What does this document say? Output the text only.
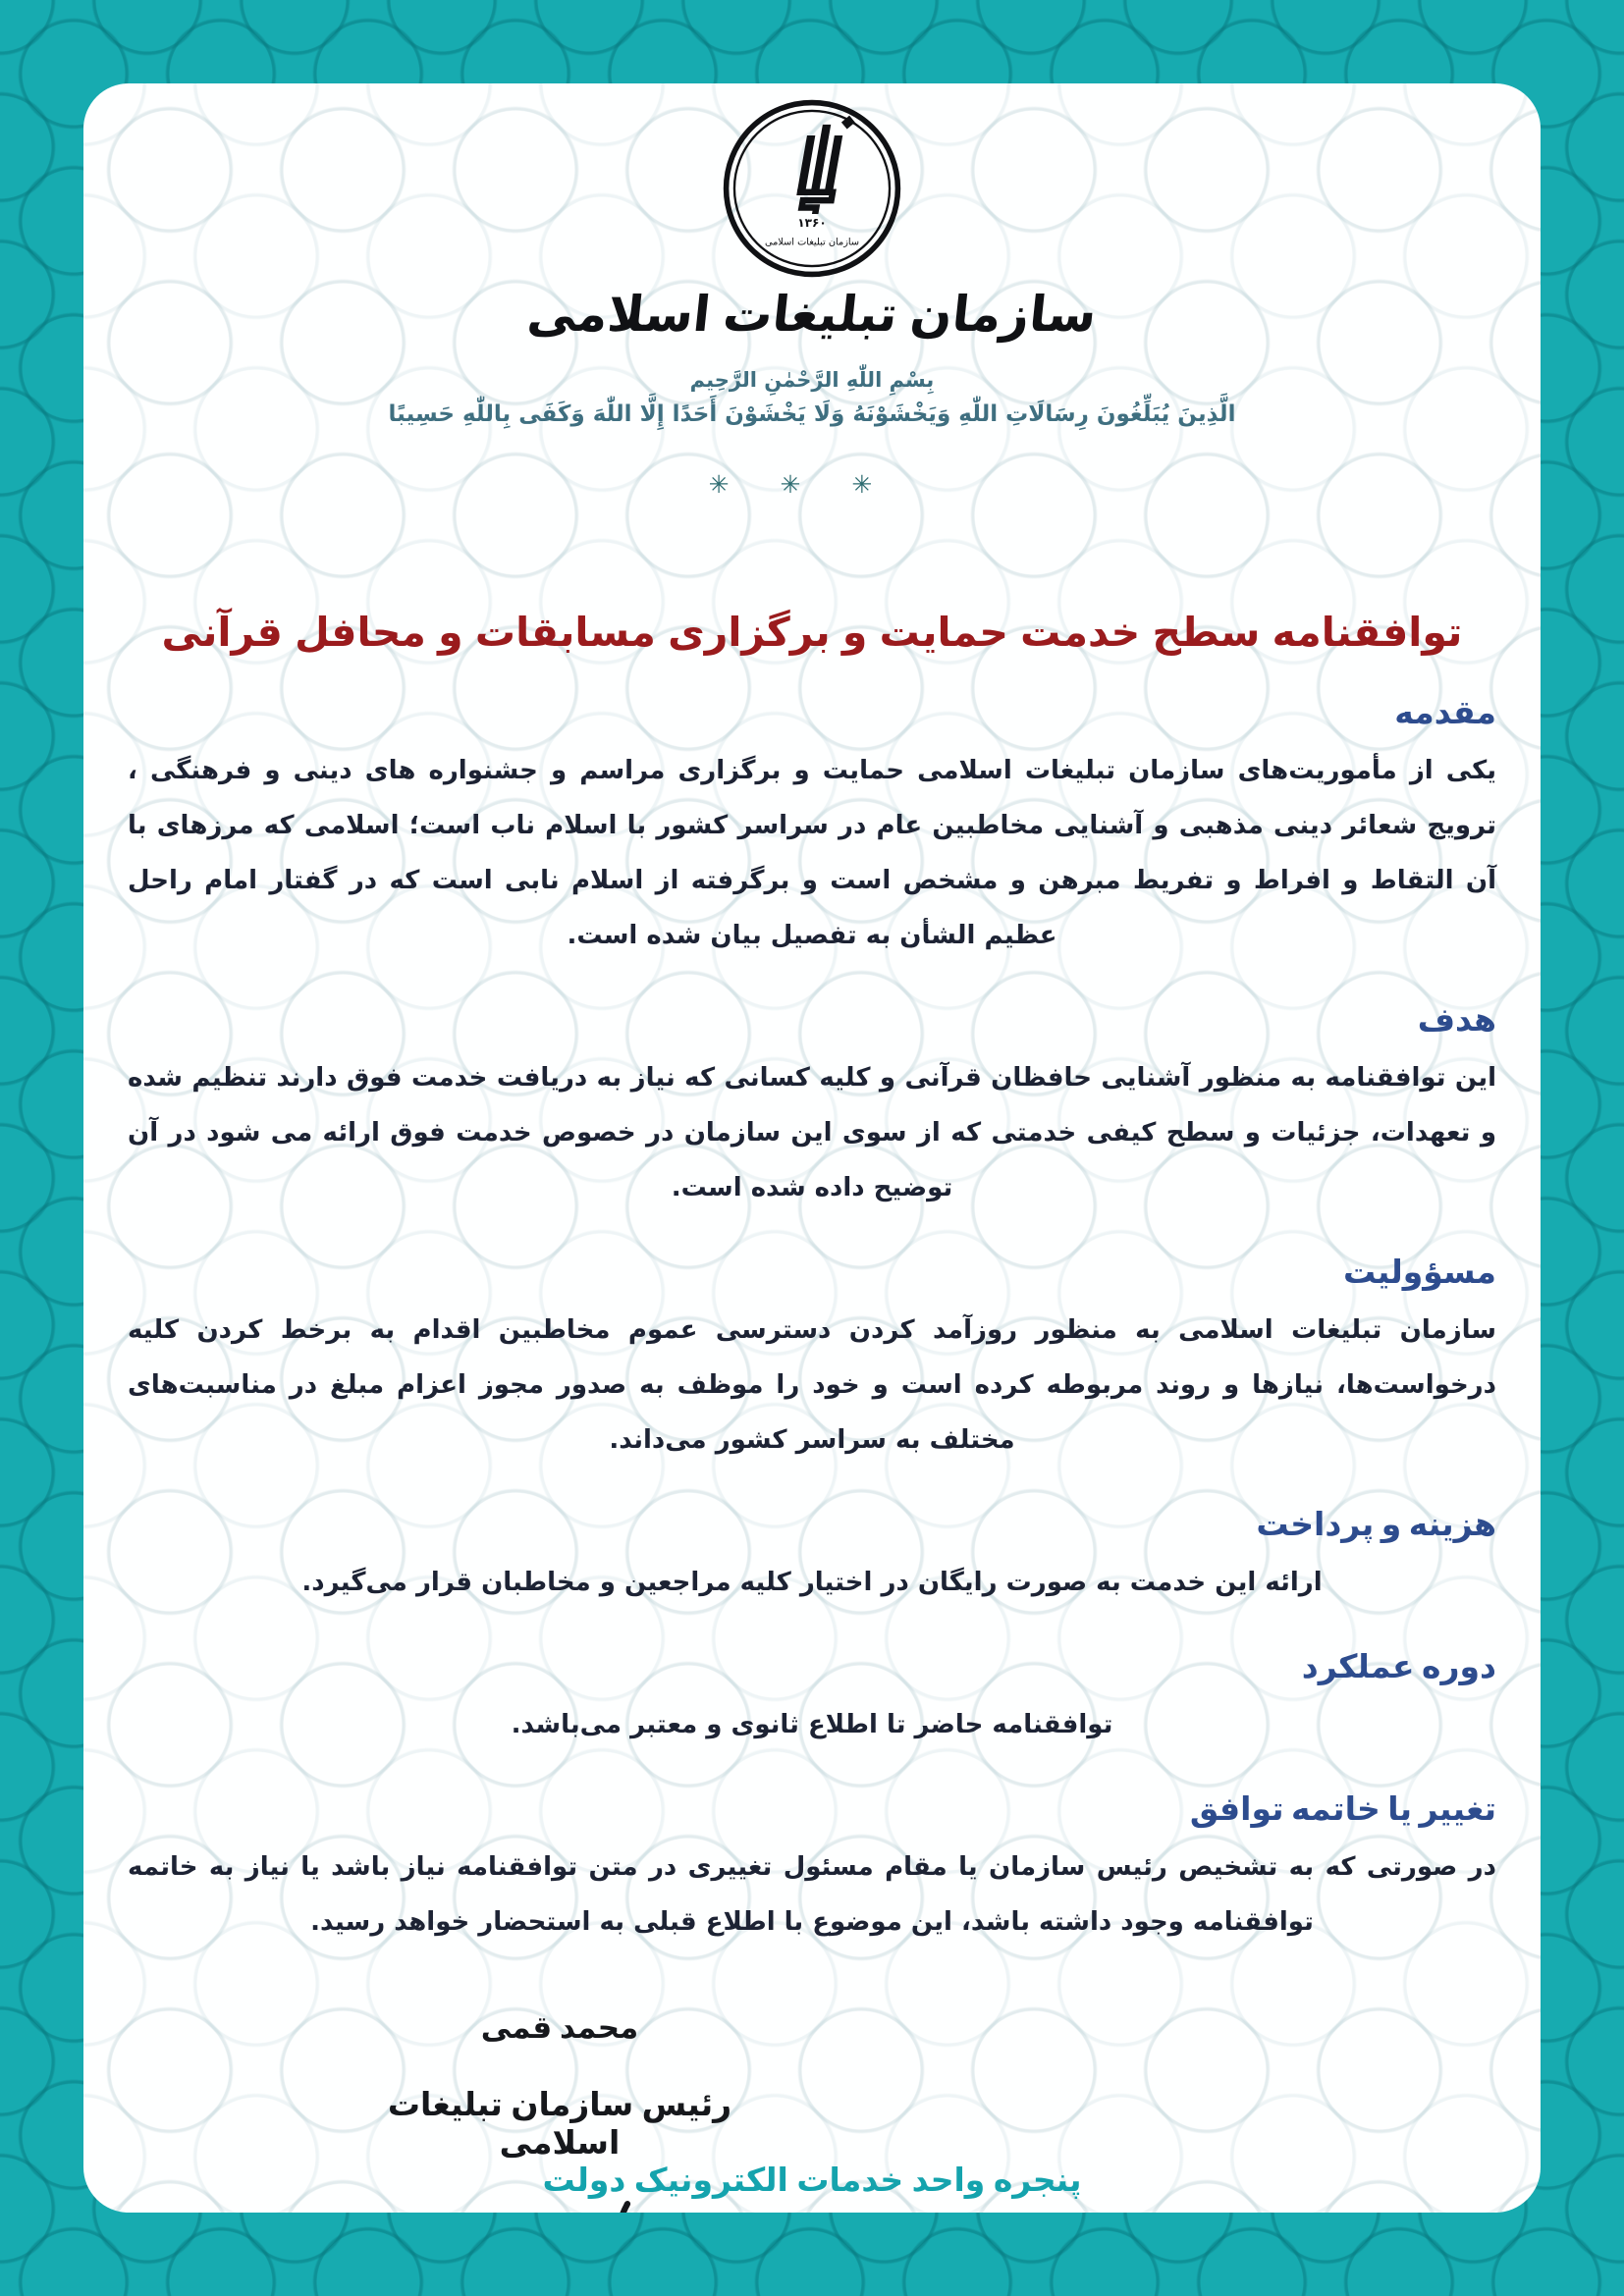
۱۳۶۰
سازمان تبلیغات اسلامی
سازمان تبلیغات اسلامی
بِسْمِ اللّٰهِ الرَّحْمٰنِ الرَّحِيم
الَّذِينَ يُبَلِّغُونَ رِسَالَاتِ اللّٰهِ وَيَخْشَوْنَهُ وَلَا يَخْشَوْنَ أَحَدًا إِلَّا اللّٰهَ وَكَفَى بِاللّٰهِ حَسِيبًا
✳ ✳ ✳
توافقنامه سطح خدمت حمایت و برگزاری مسابقات و محافل قرآنی
مقدمه

یکی از مأموریت‌های سازمان تبلیغات اسلامی حمایت و برگزاری مراسم و جشنواره های دینی و فرهنگی ، ترویج شعائر دینی مذهبی و آشنایی مخاطبین عام در سراسر کشور با اسلام ناب است؛ اسلامی که مرزهای با آن التقاط و افراط و تفریط مبرهن و مشخص است و برگرفته از اسلام نابی است که در گفتار امام راحل عظیم الشأن به تفصیل بیان شده است.

هدف

این توافقنامه به منظور آشنایی حافظان قرآنی و کلیه کسانی که نیاز به دریافت خدمت فوق دارند تنظیم شده و تعهدات، جزئیات و سطح کیفی خدمتی که از سوی این سازمان در خصوص خدمت فوق ارائه می شود در آن توضیح داده شده است.

مسؤولیت

سازمان تبلیغات اسلامی به منظور روزآمد کردن دسترسی عموم مخاطبین اقدام به برخط کردن کلیه درخواست‌ها، نیازها و روند مربوطه کرده است و خود را موظف به صدور مجوز اعزام مبلغ در مناسبت‌های مختلف به سراسر کشور می‌داند.

هزینه و پرداخت

ارائه این خدمت به صورت رایگان در اختیار کلیه مراجعین و مخاطبان قرار می‌گیرد.

دوره عملکرد

توافقنامه حاضر تا اطلاع ثانوی و معتبر می‌باشد.

تغییر یا خاتمه توافق

در صورتی که به تشخیص رئیس سازمان یا مقام مسئول تغییری در متن توافقنامه نیاز باشد یا نیاز به خاتمه توافقنامه وجود داشته باشد، این موضوع با اطلاع قبلی به استحضار خواهد رسید.

محمد قمی
رئیس سازمان تبلیغات اسلامی
پنجره واحد خدمات الکترونیک دولت
